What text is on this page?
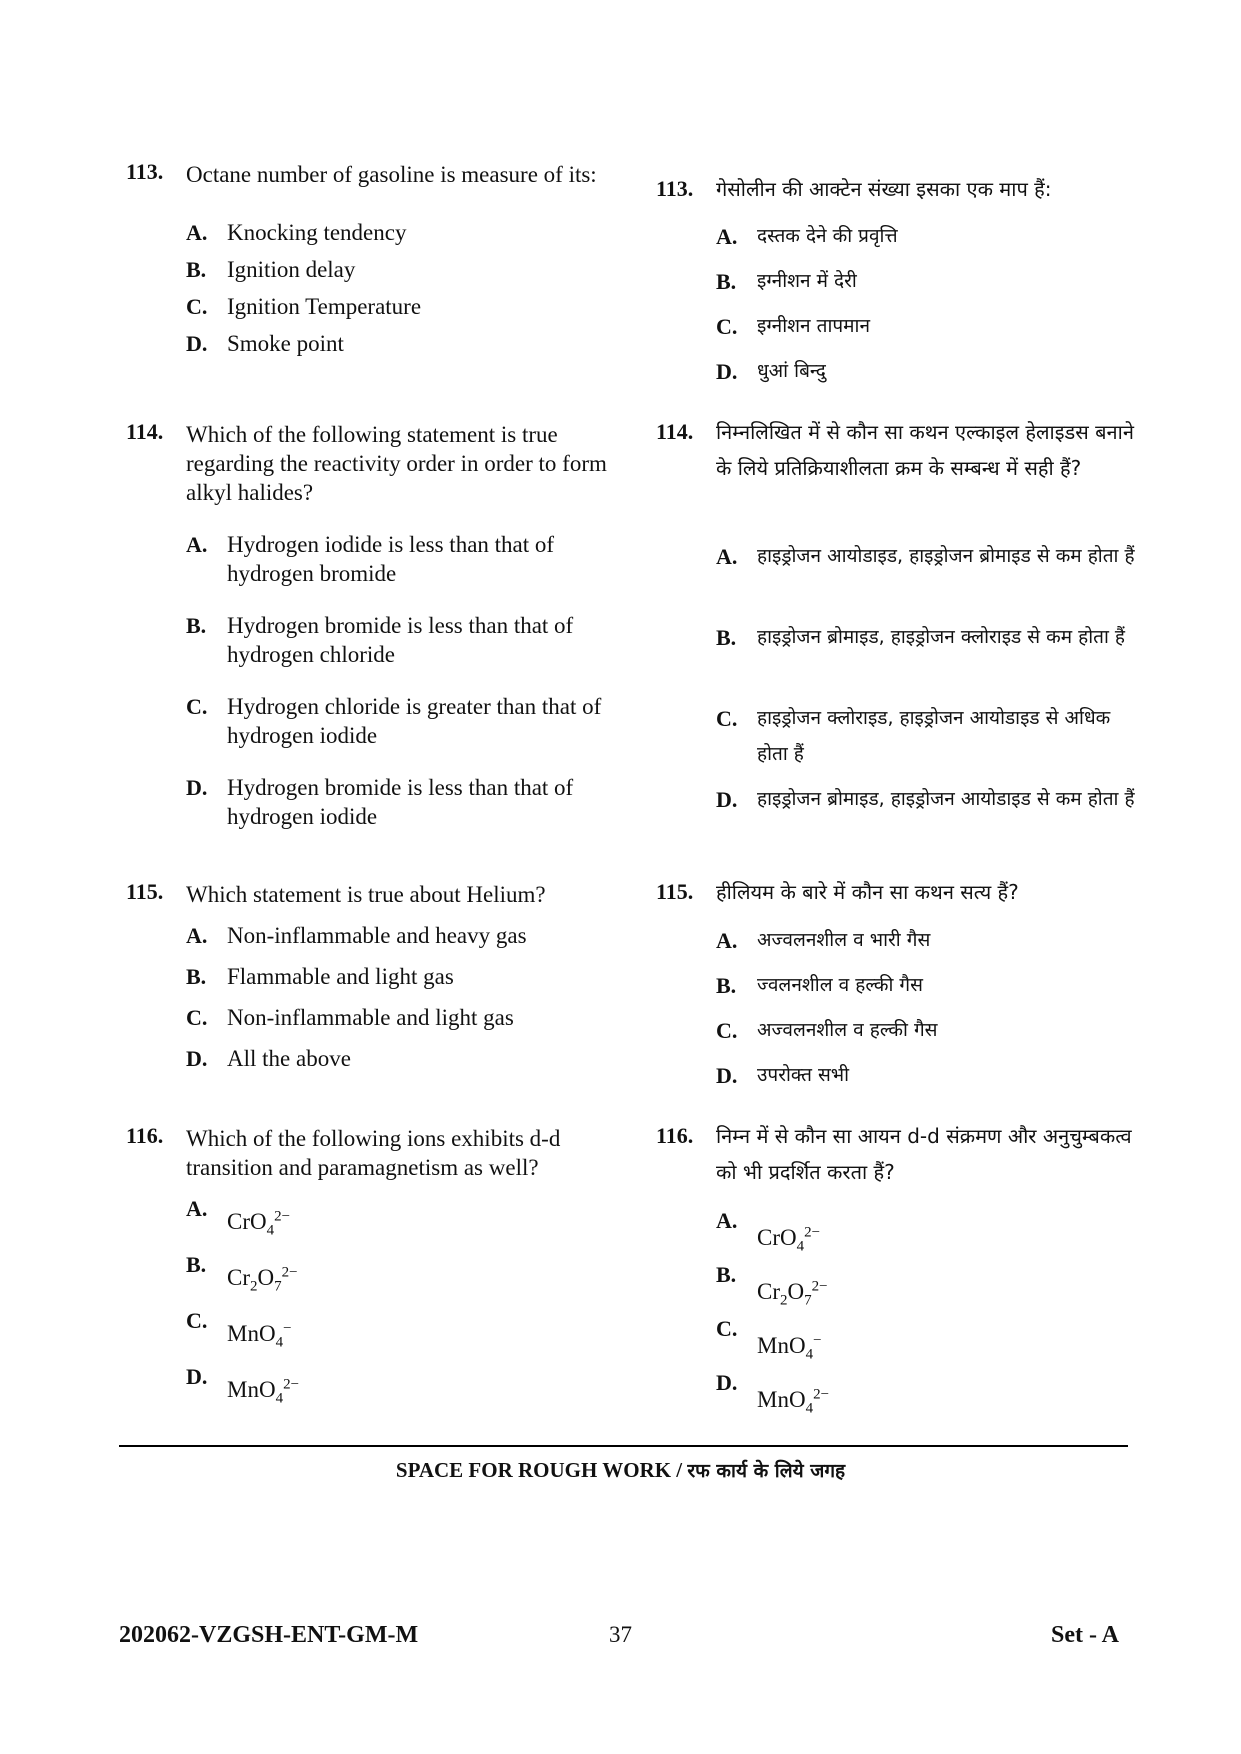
113. Octane number of gasoline is measure of its:
A. Knocking tendency
B. Ignition delay
C. Ignition Temperature
D. Smoke point
114. Which of the following statement is true regarding the reactivity order in order to form alkyl halides?
A. Hydrogen iodide is less than that of hydrogen bromide
B. Hydrogen bromide is less than that of hydrogen chloride
C. Hydrogen chloride is greater than that of hydrogen iodide
D. Hydrogen bromide is less than that of hydrogen iodide
115. Which statement is true about Helium?
A. Non-inflammable and heavy gas
B. Flammable and light gas
C. Non-inflammable and light gas
D. All the above
116. Which of the following ions exhibits d-d transition and paramagnetism as well?
A.
CrO$_4^{2-}$
B.
$Cr_2O_7^{2-}$
C.
MnO$_4$−
D.
MnO$_4^{2-}$
113. गेसोलीन की आक्टेन संख्या इसका एक माप हैं:
A. दस्तक देने की प्रवृत्ति
B. इग्नीशन में देरी
C. इग्नीशन तापमान
D. धुआं बिन्दु
114. निम्नलिखित में से कौन सा कथन एल्काइल हेलाइडस बनाने के लिये प्रतिक्रियाशीलता क्रम के सम्बन्ध में सही हैं?
A. हाइड्रोजन आयोडाइड, हाइड्रोजन ब्रोमाइड से कम होता हैं
B. हाइड्रोजन ब्रोमाइड, हाइड्रोजन क्लोराइड से कम होता हैं
C. हाइड्रोजन क्लोराइड, हाइड्रोजन आयोडाइड से अधिक होता हैं
D. हाइड्रोजन ब्रोमाइड, हाइड्रोजन आयोडाइड से कम होता हैं
115. हीलियम के बारे में कौन सा कथन सत्य हैं?
A. अज्वलनशील व भारी गैस
B. ज्वलनशील व हल्की गैस
C. अज्वलनशील व हल्की गैस
D. उपरोक्त सभी
116. निम्न में से कौन सा आयन d-d संक्रमण और अनुचुम्बकत्व को भी प्रदर्शित करता हैं?
A.
CrO$_4^{2-}$
B.
$Cr_2O_7^{2-}$
C.
MnO$_4$−
D.
MnO$_4^{2-}$
SPACE FOR ROUGH WORK / रफ कार्य के लिये जगह
202062-VZGSH-ENT-GM-M	37	Set - A
